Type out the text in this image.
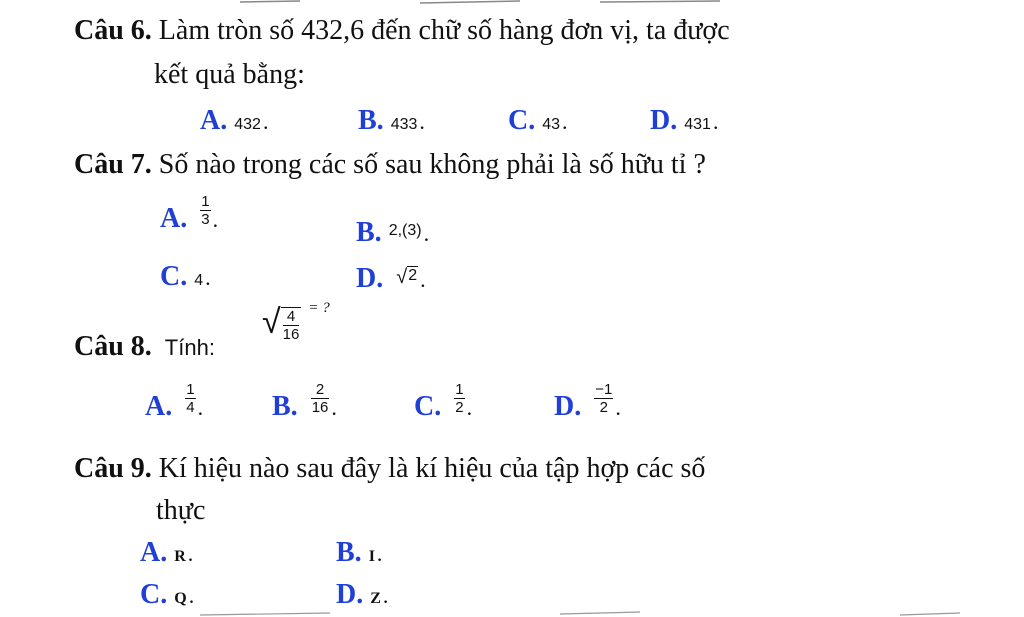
Câu 6. Làm tròn số 432,6 đến chữ số hàng đơn vị, ta được
kết quả bằng:
A. 432.	B. 433.	C. 43.	D. 431.
Câu 7. Số nào trong các số sau không phải là số hữu tỉ ?
A. $\frac{1}{3}$ .	B. $^{2,(3)}$.
C. 4.	D. √ 2 .
Câu 8. Tính:
√ 4
16
= ?
A. $\frac{1}{4}$ . B. $\frac{2}{16}$ .	C. $\frac{1}{2}$ .	D. $\frac{-1}{2}$ .
Câu 9. Kí hiệu nào sau đây là kí hiệu của tập hợp các số
thực
A. R.	B. I.
C. Q.	D. Z.
